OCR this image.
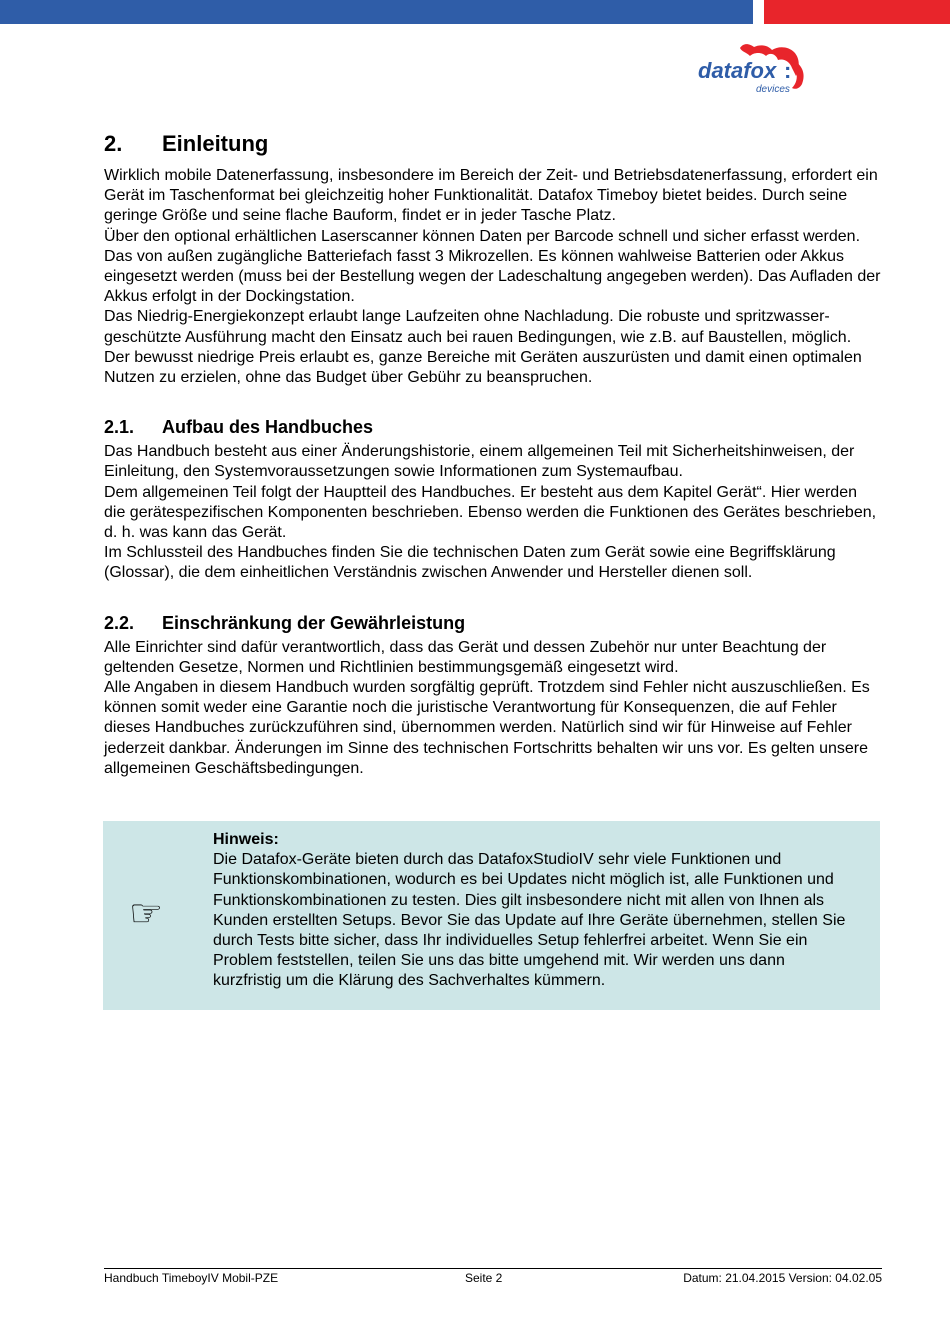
datafox :
devices
2.	Einleitung

Wirklich mobile Datenerfassung, insbesondere im Bereich der Zeit- und Betriebsdatenerfassung, erfordert ein Gerät im Taschenformat bei gleichzeitig hoher Funktionalität. Datafox Timeboy bietet beides. Durch seine geringe Größe und seine flache Bauform, findet er in jeder Tasche Platz.

Über den optional erhältlichen Laserscanner können Daten per Barcode schnell und sicher erfasst werden. Das von außen zugängliche Batteriefach fasst 3 Mikrozellen. Es können wahlweise Batterien oder Akkus eingesetzt werden (muss bei der Bestellung wegen der Ladeschaltung angegeben werden). Das Aufladen der Akkus erfolgt in der Dockingstation.

Das Niedrig-Energiekonzept erlaubt lange Laufzeiten ohne Nachladung. Die robuste und spritzwasser-geschützte Ausführung macht den Einsatz auch bei rauen Bedingungen, wie z.B. auf Baustellen, möglich.

Der bewusst niedrige Preis erlaubt es, ganze Bereiche mit Geräten auszurüsten und damit einen optimalen Nutzen zu erzielen, ohne das Budget über Gebühr zu beanspruchen.

2.1.	Aufbau des Handbuches

Das Handbuch besteht aus einer Änderungshistorie, einem allgemeinen Teil mit Sicherheitshinweisen, der Einleitung, den Systemvoraussetzungen sowie Informationen zum Systemaufbau.

Dem allgemeinen Teil folgt der Hauptteil des Handbuches. Er besteht aus dem Kapitel Gerät“. Hier werden die gerätespezifischen Komponenten beschrieben. Ebenso werden die Funktionen des Gerätes beschrieben, d. h. was kann das Gerät.

Im Schlussteil des Handbuches finden Sie die technischen Daten zum Gerät sowie eine Begriffsklärung (Glossar), die dem einheitlichen Verständnis zwischen Anwender und Hersteller dienen soll.

2.2.	Einschränkung der Gewährleistung

Alle Einrichter sind dafür verantwortlich, dass das Gerät und dessen Zubehör nur unter Beachtung der geltenden Gesetze, Normen und Richtlinien bestimmungsgemäß eingesetzt wird.

Alle Angaben in diesem Handbuch wurden sorgfältig geprüft. Trotzdem sind Fehler nicht auszuschließen. Es können somit weder eine Garantie noch die juristische Verantwortung für Konsequenzen, die auf Fehler dieses Handbuches zurückzuführen sind, übernommen werden. Natürlich sind wir für Hinweise auf Fehler jederzeit dankbar. Änderungen im Sinne des technischen Fortschritts behalten wir uns vor. Es gelten unsere allgemeinen Geschäftsbedingungen.

☞
Hinweis:

Die Datafox-Geräte bieten durch das DatafoxStudioIV sehr viele Funktionen und Funktionskombinationen, wodurch es bei Updates nicht möglich ist, alle Funktionen und Funktionskombinationen zu testen. Dies gilt insbesondere nicht mit allen von Ihnen als Kunden erstellten Setups. Bevor Sie das Update auf Ihre Geräte übernehmen, stellen Sie durch Tests bitte sicher, dass Ihr individuelles Setup fehlerfrei arbeitet. Wenn Sie ein Problem feststellen, teilen Sie uns das bitte umgehend mit. Wir werden uns dann kurzfristig um die Klärung des Sachverhaltes kümmern.

Handbuch TimeboyIV Mobil-PZE	Seite 2	Datum: 21.04.2015 Version: 04.02.05
